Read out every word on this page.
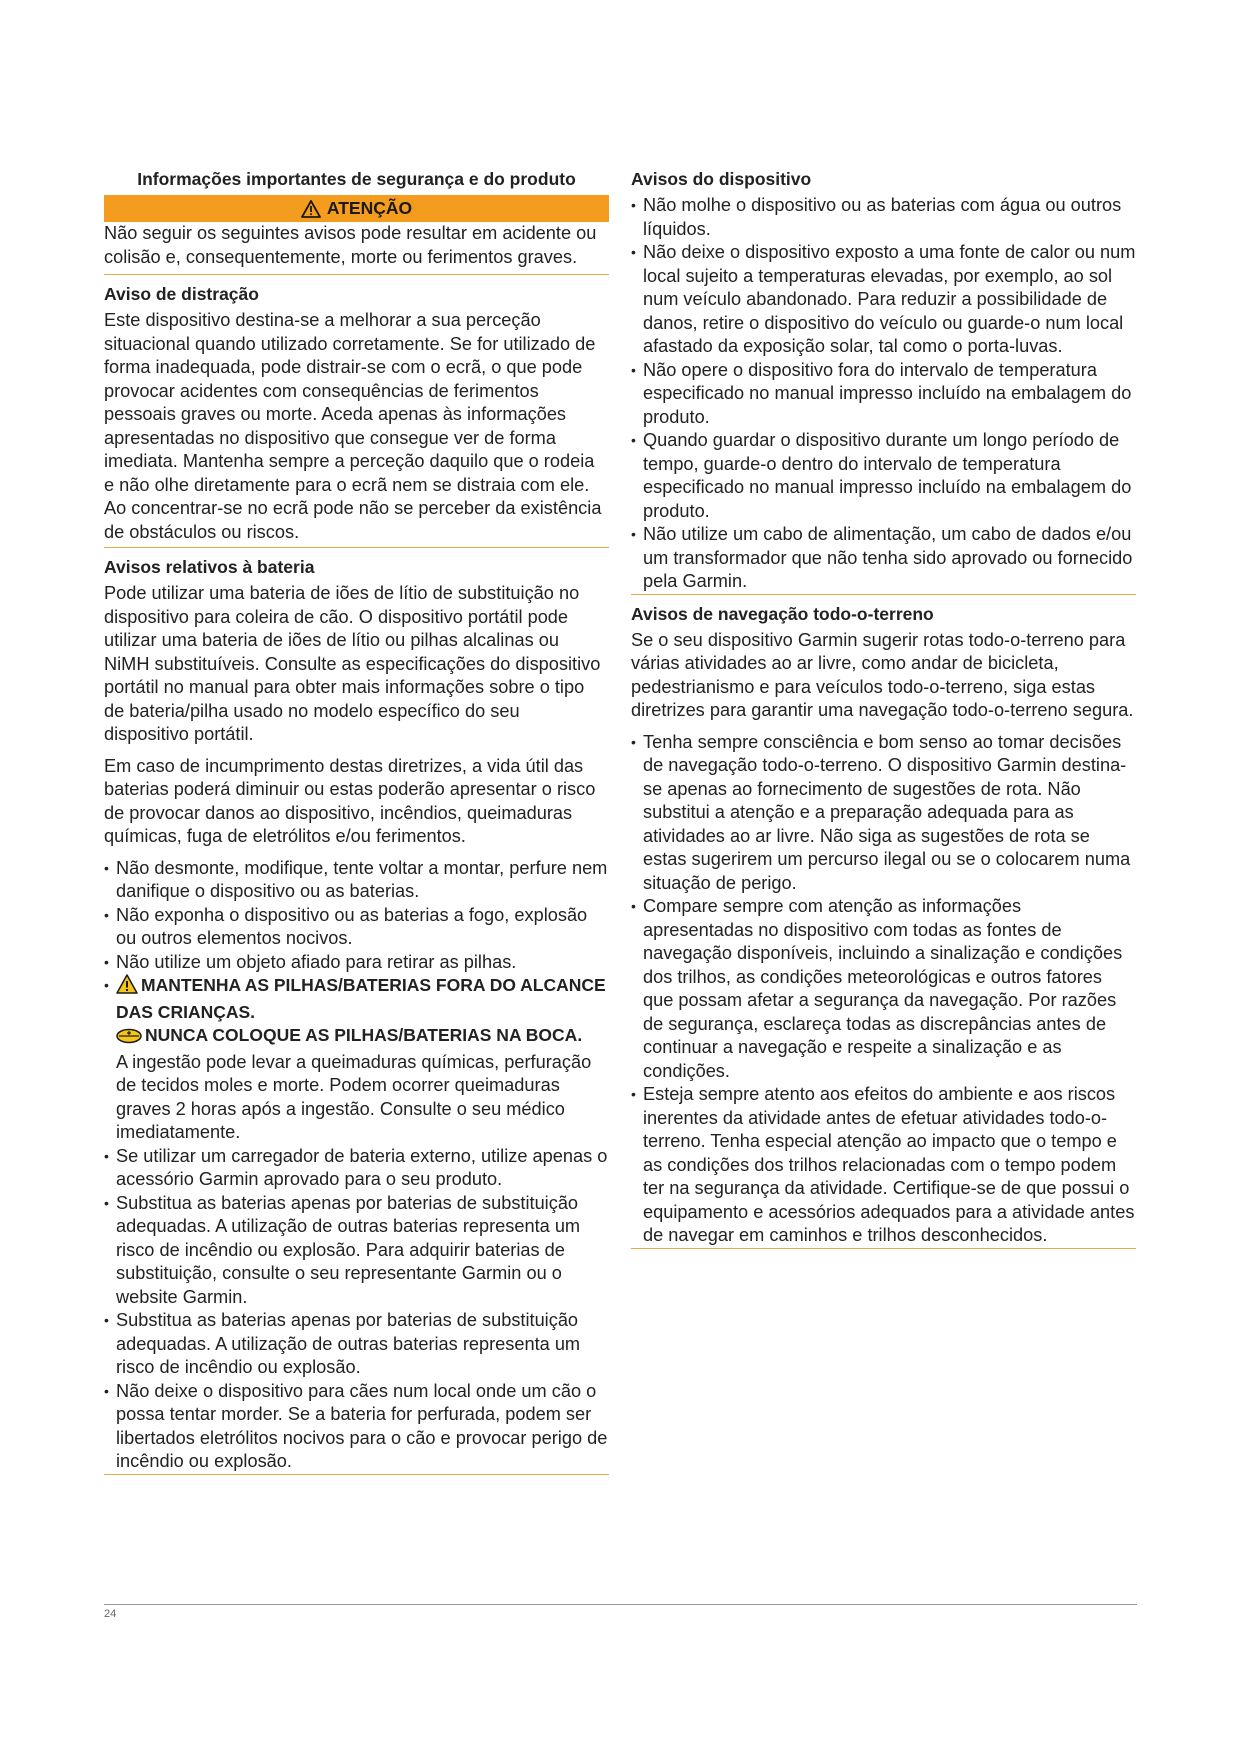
Informações importantes de segurança e do produto
ATENÇÃO

Não seguir os seguintes avisos pode resultar em acidente ou colisão e, consequentemente, morte ou ferimentos graves.

Aviso de distração

Este dispositivo destina-se a melhorar a sua perceção situacional quando utilizado corretamente. Se for utilizado de forma inadequada, pode distrair-se com o ecrã, o que pode provocar acidentes com consequências de ferimentos pessoais graves ou morte. Aceda apenas às informações apresentadas no dispositivo que consegue ver de forma imediata. Mantenha sempre a perceção daquilo que o rodeia e não olhe diretamente para o ecrã nem se distraia com ele. Ao concentrar-se no ecrã pode não se perceber da existência de obstáculos ou riscos.

Avisos relativos à bateria

Pode utilizar uma bateria de iões de lítio de substituição no dispositivo para coleira de cão. O dispositivo portátil pode utilizar uma bateria de iões de lítio ou pilhas alcalinas ou NiMH substituíveis. Consulte as especificações do dispositivo portátil no manual para obter mais informações sobre o tipo de bateria/pilha usado no modelo específico do seu dispositivo portátil.

Em caso de incumprimento destas diretrizes, a vida útil das baterias poderá diminuir ou estas poderão apresentar o risco de provocar danos ao dispositivo, incêndios, queimaduras químicas, fuga de eletrólitos e/ou ferimentos.

• Não desmonte, modifique, tente voltar a montar, perfure nem danifique o dispositivo ou as baterias.
• Não exponha o dispositivo ou as baterias a fogo, explosão ou outros elementos nocivos.
• Não utilize um objeto afiado para retirar as pilhas.
• MANTENHA AS PILHAS/BATERIAS FORA DO ALCANCE DAS CRIANÇAS.
NUNCA COLOQUE AS PILHAS/BATERIAS NA BOCA.
A ingestão pode levar a queimaduras químicas, perfuração de tecidos moles e morte. Podem ocorrer queimaduras graves 2 horas após a ingestão. Consulte o seu médico imediatamente.
• Se utilizar um carregador de bateria externo, utilize apenas o acessório Garmin aprovado para o seu produto.
• Substitua as baterias apenas por baterias de substituição adequadas. A utilização de outras baterias representa um risco de incêndio ou explosão. Para adquirir baterias de substituição, consulte o seu representante Garmin ou o website Garmin.
• Substitua as baterias apenas por baterias de substituição adequadas. A utilização de outras baterias representa um risco de incêndio ou explosão.
• Não deixe o dispositivo para cães num local onde um cão o possa tentar morder. Se a bateria for perfurada, podem ser libertados eletrólitos nocivos para o cão e provocar perigo de incêndio ou explosão.
Avisos do dispositivo
• Não molhe o dispositivo ou as baterias com água ou outros líquidos.
• Não deixe o dispositivo exposto a uma fonte de calor ou num local sujeito a temperaturas elevadas, por exemplo, ao sol num veículo abandonado. Para reduzir a possibilidade de danos, retire o dispositivo do veículo ou guarde-o num local afastado da exposição solar, tal como o porta-luvas.
• Não opere o dispositivo fora do intervalo de temperatura especificado no manual impresso incluído na embalagem do produto.
• Quando guardar o dispositivo durante um longo período de tempo, guarde-o dentro do intervalo de temperatura especificado no manual impresso incluído na embalagem do produto.
• Não utilize um cabo de alimentação, um cabo de dados e/ou um transformador que não tenha sido aprovado ou fornecido pela Garmin.
Avisos de navegação todo-o-terreno

Se o seu dispositivo Garmin sugerir rotas todo-o-terreno para várias atividades ao ar livre, como andar de bicicleta, pedestrianismo e para veículos todo-o-terreno, siga estas diretrizes para garantir uma navegação todo-o-terreno segura.

• Tenha sempre consciência e bom senso ao tomar decisões de navegação todo-o-terreno. O dispositivo Garmin destina-se apenas ao fornecimento de sugestões de rota. Não substitui a atenção e a preparação adequada para as atividades ao ar livre. Não siga as sugestões de rota se estas sugerirem um percurso ilegal ou se o colocarem numa situação de perigo.
• Compare sempre com atenção as informações apresentadas no dispositivo com todas as fontes de navegação disponíveis, incluindo a sinalização e condições dos trilhos, as condições meteorológicas e outros fatores que possam afetar a segurança da navegação. Por razões de segurança, esclareça todas as discrepâncias antes de continuar a navegação e respeite a sinalização e as condições.
• Esteja sempre atento aos efeitos do ambiente e aos riscos inerentes da atividade antes de efetuar atividades todo-o-terreno. Tenha especial atenção ao impacto que o tempo e as condições dos trilhos relacionadas com o tempo podem ter na segurança da atividade. Certifique-se de que possui o equipamento e acessórios adequados para a atividade antes de navegar em caminhos e trilhos desconhecidos.
24
